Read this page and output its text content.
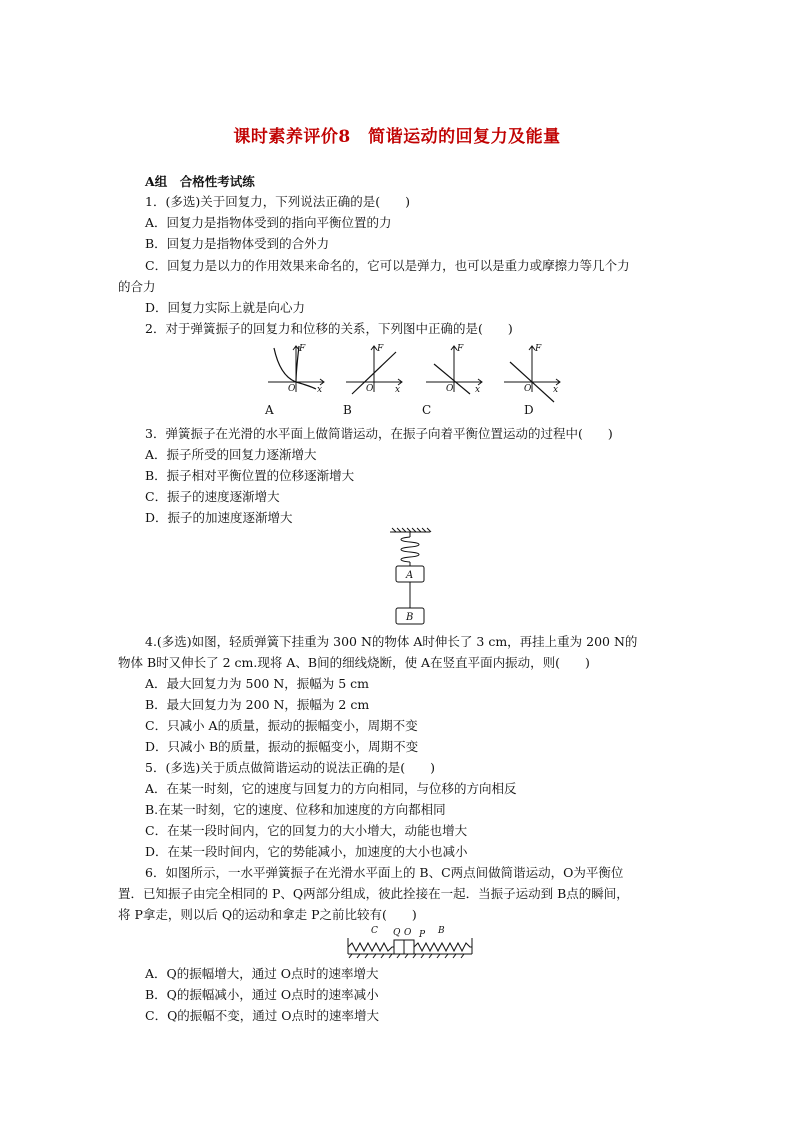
课时素养评价8　简谐运动的回复力及能量
A组　合格性考试练
1．(多选)关于回复力，下列说法正确的是(　　)
A．回复力是指物体受到的指向平衡位置的力
B．回复力是指物体受到的合外力
C．回复力是以力的作用效果来命名的，它可以是弹力，也可以是重力或摩擦力等几个力
的合力
D．回复力实际上就是向心力
2．对于弹簧振子的回复力和位移的关系，下列图中正确的是(　　)
F
O x
A
F
O x
B
F
O x
C
F
O x
D
3．弹簧振子在光滑的水平面上做简谐运动，在振子向着平衡位置运动的过程中(　　)
A．振子所受的回复力逐渐增大
B．振子相对平衡位置的位移逐渐增大
C．振子的速度逐渐增大
D．振子的加速度逐渐增大
A
B
4.(多选)如图，轻质弹簧下挂重为 300 N的物体 A时伸长了 3 cm，再挂上重为 200 N的
物体 B时又伸长了 2 cm.现将 A、B间的细线烧断，使 A在竖直平面内振动，则(　　)
A．最大回复力为 500 N，振幅为 5 cm
B．最大回复力为 200 N，振幅为 2 cm
C．只减小 A的质量，振动的振幅变小，周期不变
D．只减小 B的质量，振动的振幅变小，周期不变
5．(多选)关于质点做简谐运动的说法正确的是(　　)
A．在某一时刻，它的速度与回复力的方向相同，与位移的方向相反
B.在某一时刻，它的速度、位移和加速度的方向都相同
C．在某一段时间内，它的回复力的大小增大，动能也增大
D．在某一段时间内，它的势能减小，加速度的大小也减小
6．如图所示，一水平弹簧振子在光滑水平面上的 B、C两点间做简谐运动，O为平衡位
置．已知振子由完全相同的 P、Q两部分组成，彼此拴接在一起．当振子运动到 B点的瞬间，
将 P拿走，则以后 Q的运动和拿走 P之前比较有(　　)
C Q O P B
A．Q的振幅增大，通过 O点时的速率增大
B．Q的振幅减小，通过 O点时的速率减小
C．Q的振幅不变，通过 O点时的速率增大
